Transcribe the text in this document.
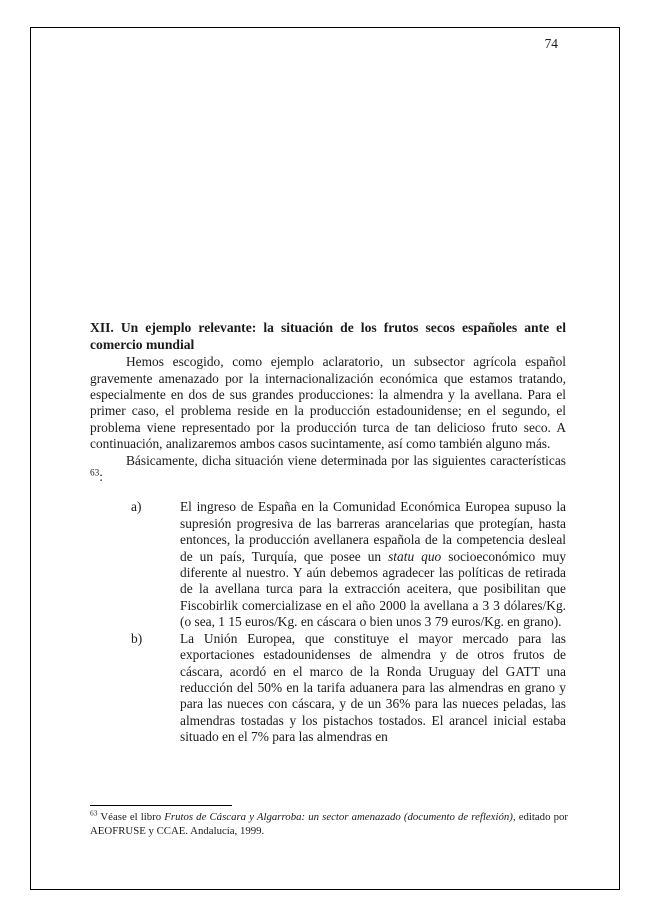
74
XII. Un ejemplo relevante: la situación de los frutos secos españoles ante el comercio mundial

Hemos escogido, como ejemplo aclaratorio, un subsector agrícola español gravemente amenazado por la internacionalización económica que estamos tratando, especialmente en dos de sus grandes producciones: la almendra y la avellana. Para el primer caso, el problema reside en la producción estadounidense; en el segundo, el problema viene representado por la producción turca de tan delicioso fruto seco. A continuación, analizaremos ambos casos sucintamente, así como también alguno más.

Básicamente, dicha situación viene determinada por las siguientes características $^{63}$:

a)	El ingreso de España en la Comunidad Económica Europea supuso la supresión progresiva de las barreras arancelarias que protegían, hasta entonces, la producción avellanera española de la competencia desleal de un país, Turquía, que posee un statu quo socioeconómico muy diferente al nuestro. Y aún debemos agradecer las políticas de retirada de la avellana turca para la extracción aceitera, que posibilitan que Fiscobirlik comercializase en el año 2000 la avellana a 3 3 dólares/Kg. (o sea, 1 15 euros/Kg. en cáscara o bien unos 3 79 euros/Kg. en grano).
b)	La Unión Europea, que constituye el mayor mercado para las exportaciones estadounidenses de almendra y de otros frutos de cáscara, acordó en el marco de la Ronda Uruguay del GATT una reducción del 50% en la tarifa aduanera para las almendras en grano y para las nueces con cáscara, y de un 36% para las nueces peladas, las almendras tostadas y los pistachos tostados. El arancel inicial estaba situado en el 7% para las almendras en

$^{63}$ Véase el libro Frutos de Cáscara y Algarroba: un sector amenazado (documento de reflexión), editado por AEOFRUSE y CCAE. Andalucía, 1999.
